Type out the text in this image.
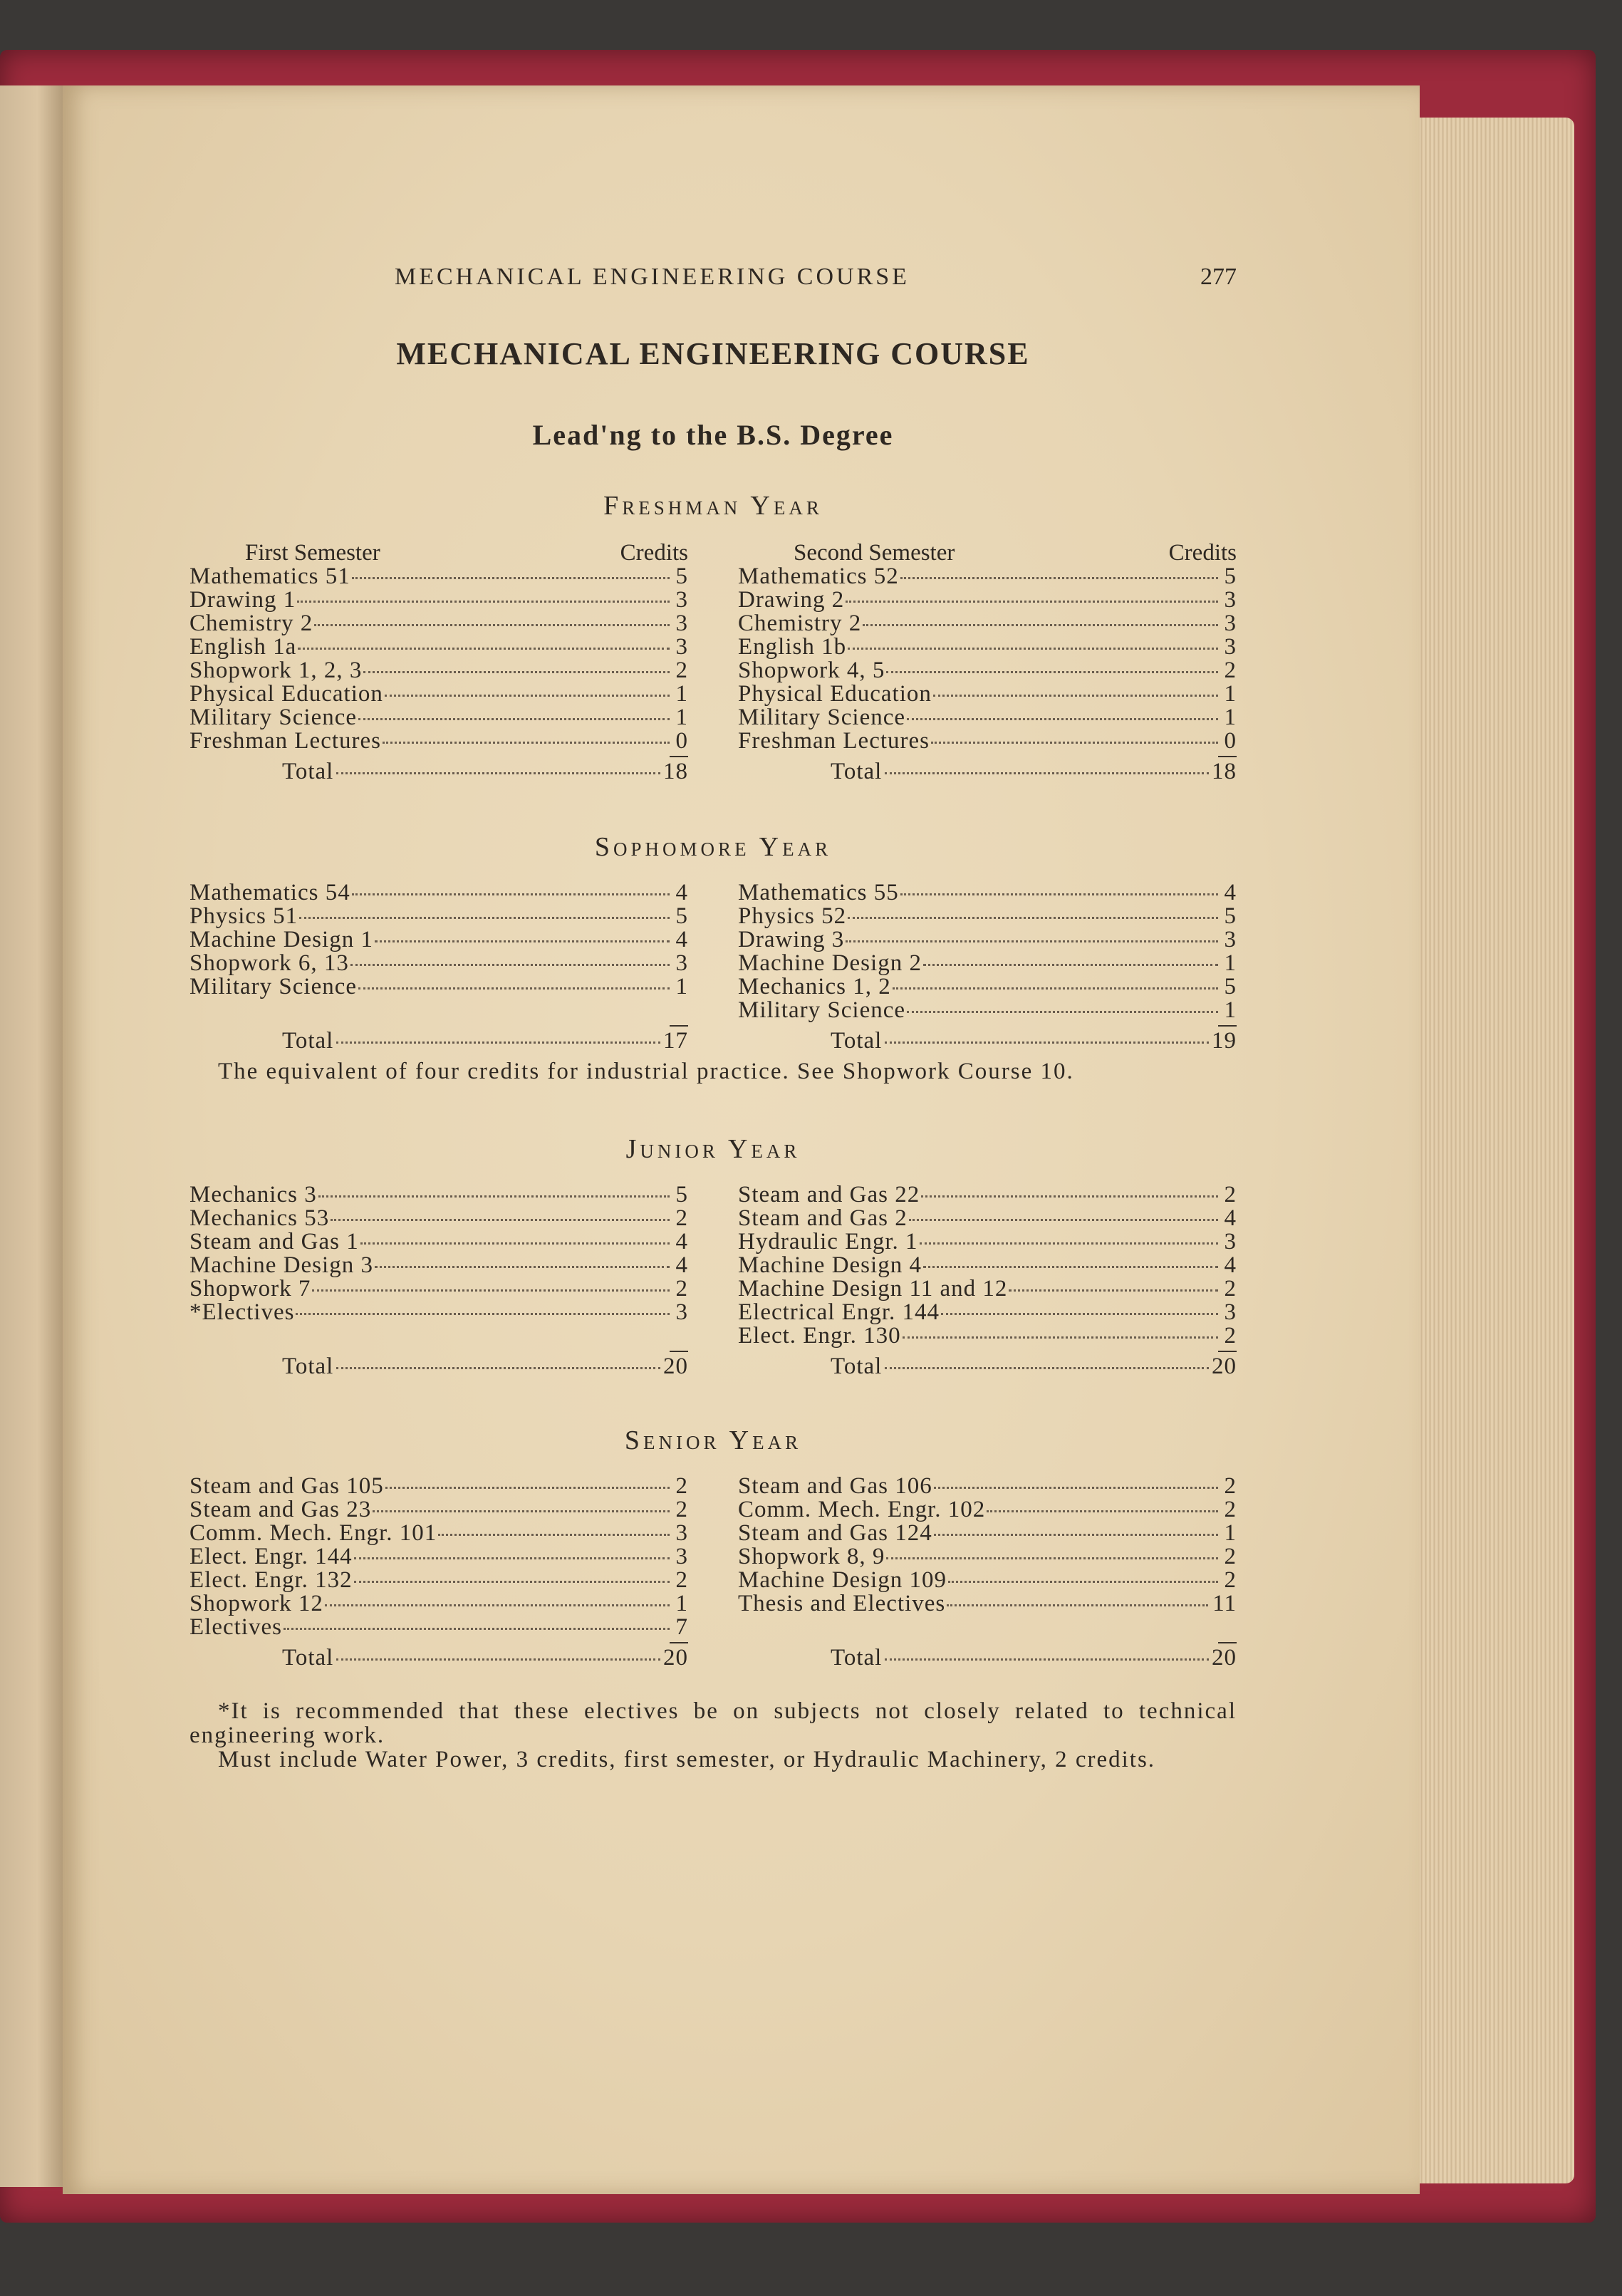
MECHANICAL ENGINEERING COURSE	277
MECHANICAL ENGINEERING COURSE
Lead'ng to the B.S. Degree
Freshman Year
First Semester	Credits
Mathematics 51	5
Drawing 1	3
Chemistry 2	3
English 1a	3
Shopwork 1, 2, 3	2
Physical Education	1
Military Science	1
Freshman Lectures	0
Total	18
Second Semester	Credits
Mathematics 52	5
Drawing 2	3
Chemistry 2	3
English 1b	3
Shopwork 4, 5	2
Physical Education	1
Military Science	1
Freshman Lectures	0
Total	18
Sophomore Year
Mathematics 54	4
Physics 51	5
Machine Design 1	4
Shopwork 6, 13	3
Military Science	1
Total	17
Mathematics 55	4
Physics 52	5
Drawing 3	3
Machine Design 2	1
Mechanics 1, 2	5
Military Science	1
Total	19
The equivalent of four credits for industrial practice. See Shopwork Course 10.
Junior Year
Mechanics 3	5
Mechanics 53	2
Steam and Gas 1	4
Machine Design 3	4
Shopwork 7	2
*Electives	3
Total	20
Steam and Gas 22	2
Steam and Gas 2	4
Hydraulic Engr. 1	3
Machine Design 4	4
Machine Design 11 and 12	2
Electrical Engr. 144	3
Elect. Engr. 130	2
Total	20
Senior Year
Steam and Gas 105	2
Steam and Gas 23	2
Comm. Mech. Engr. 101	3
Elect. Engr. 144	3
Elect. Engr. 132	2
Shopwork 12	1
Electives	7
Total	20
Steam and Gas 106	2
Comm. Mech. Engr. 102	2
Steam and Gas 124	1
Shopwork 8, 9	2
Machine Design 109	2
Thesis and Electives	11
Total	20
*It is recommended that these electives be on subjects not closely related to technical engineering work.
Must include Water Power, 3 credits, first semester, or Hydraulic Machinery, 2 credits.
